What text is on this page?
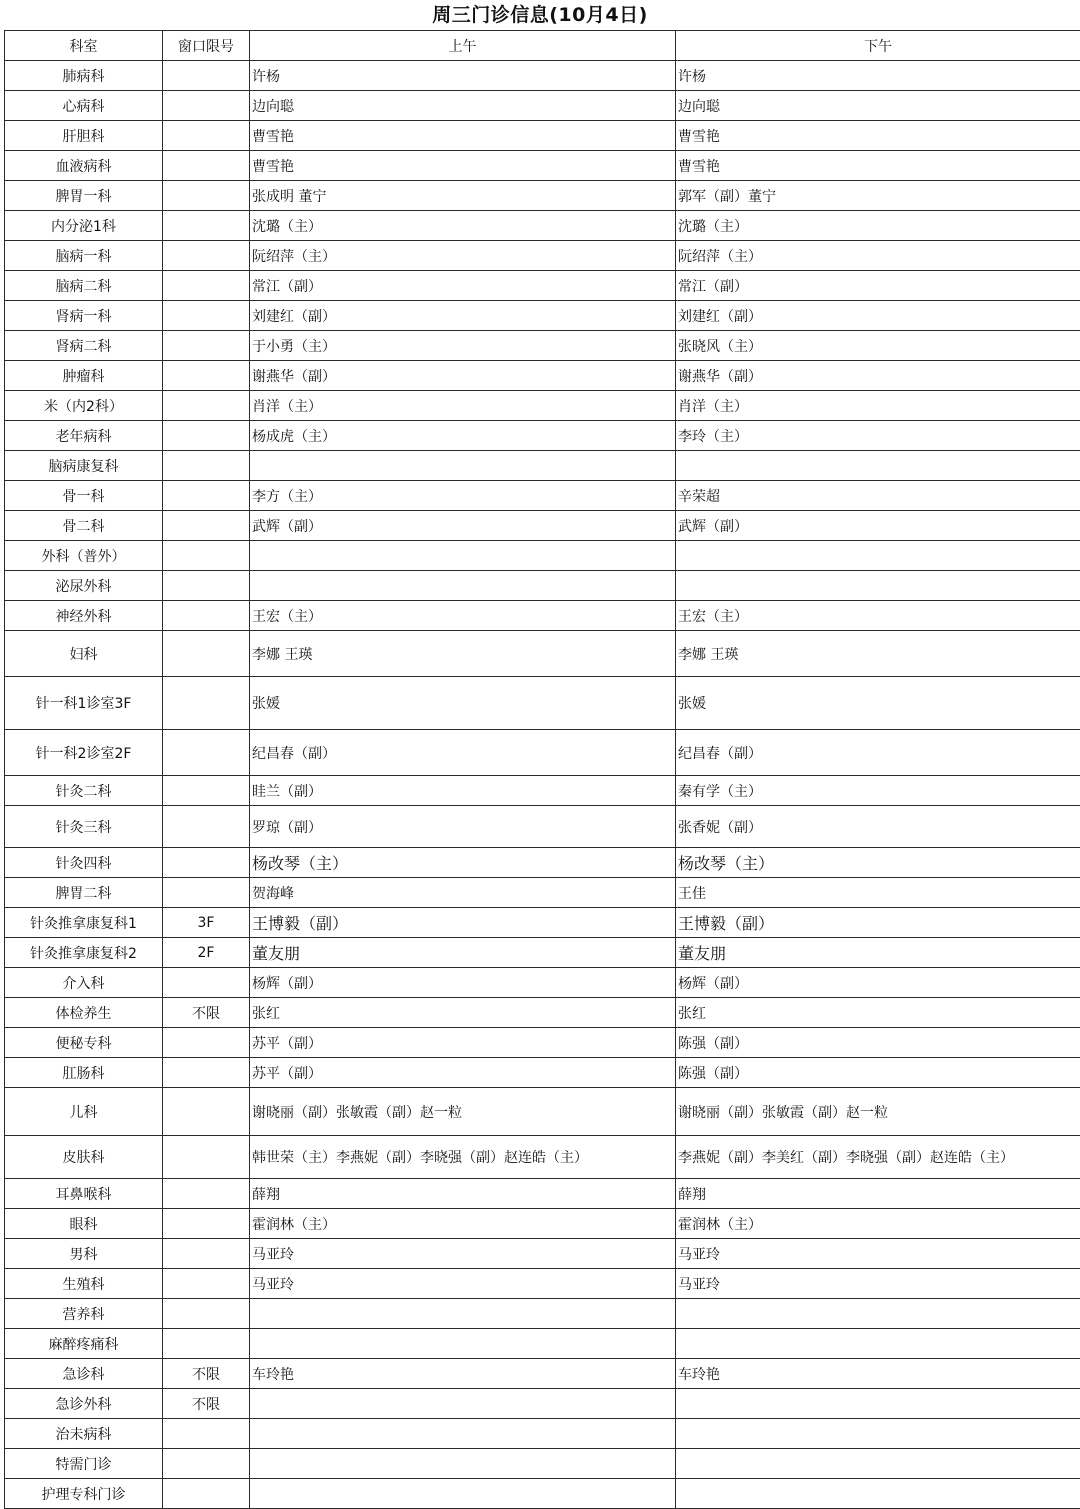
周三门诊信息(10月4日)
科室	窗口限号	上午	下午
肺病科		许杨	许杨
心病科		边向聪	边向聪
肝胆科		曹雪艳	曹雪艳
血液病科		曹雪艳	曹雪艳
脾胃一科		张成明 董宁	郭军（副）董宁
内分泌1科		沈璐（主）	沈璐（主）
脑病一科		阮绍萍（主）	阮绍萍（主）
脑病二科		常江（副）	常江（副）
肾病一科		刘建红（副）	刘建红（副）
肾病二科		于小勇（主）	张晓风（主）
肿瘤科		谢燕华（副）	谢燕华（副）
米（内2科）		肖洋（主）	肖洋（主）
老年病科		杨成虎（主）	李玲（主）
脑病康复科			
骨一科		李方（主）	辛荣超
骨二科		武辉（副）	武辉（副）
外科（普外）			
泌尿外科			
神经外科		王宏（主）	王宏（主）
妇科		李娜 王瑛	李娜 王瑛
针一科1诊室3F		张媛	张媛
针一科2诊室2F		纪昌春（副）	纪昌春（副）
针灸二科		眭兰（副）	秦有学（主）
针灸三科		罗琼（副）	张香妮（副）
针灸四科		杨改琴（主）	杨改琴（主）
脾胃二科		贺海峰	王佳
针灸推拿康复科1	3F	王博毅（副）	王博毅（副）
针灸推拿康复科2	2F	董友朋	董友朋
介入科		杨辉（副）	杨辉（副）
体检养生	不限	张红	张红
便秘专科		苏平（副）	陈强（副）
肛肠科		苏平（副）	陈强（副）
儿科		谢晓丽（副）张敏霞（副）赵一粒	谢晓丽（副）张敏霞（副）赵一粒
皮肤科		韩世荣（主）李燕妮（副）李晓强（副）赵连皓（主）	李燕妮（副）李美红（副）李晓强（副）赵连皓（主）
耳鼻喉科		薛翔	薛翔
眼科		霍润林（主）	霍润林（主）
男科		马亚玲	马亚玲
生殖科		马亚玲	马亚玲
营养科			
麻醉疼痛科			
急诊科	不限	车玲艳	车玲艳
急诊外科	不限		
治未病科			
特需门诊			
护理专科门诊			
